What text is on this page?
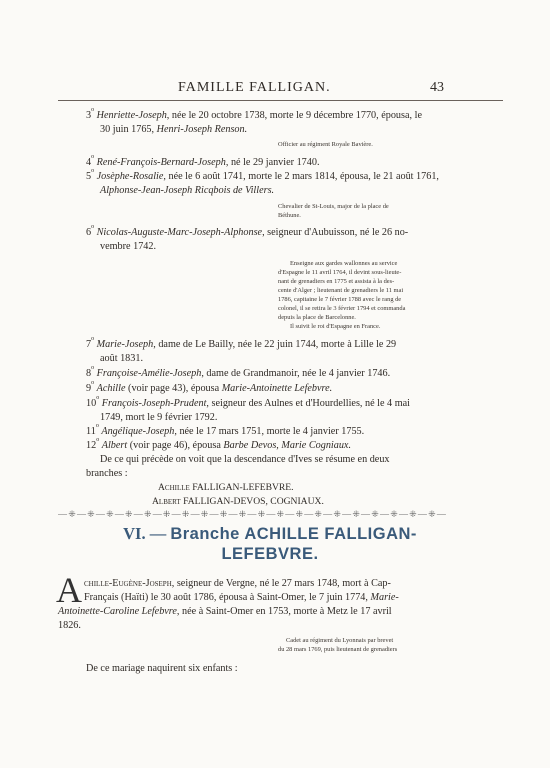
FAMILLE FALLIGAN.	43
3$^o$ Henriette-Joseph, née le 20 octobre 1738, morte le 9 décembre 1770, épousa, le
30 juin 1765, Henri-Joseph Renson.
Officier au régiment Royale Bavière.
4$^o$ René-François-Bernard-Joseph, né le 29 janvier 1740.
5$^o$ Josèphe-Rosalie, née le 6 août 1741, morte le 2 mars 1814, épousa, le 21 août 1761,
Alphonse-Jean-Joseph Ricqbois de Villers.
Chevalier de St-Louis, major de la place de
Béthune.
6$^o$ Nicolas-Auguste-Marc-Joseph-Alphonse, seigneur d'Aubuisson, né le 26 no-
vembre 1742.
Enseigne aux gardes wallonnes au service
d'Espagne le 11 avril 1764, il devint sous-lieute-
nant de grenadiers en 1775 et assista à la des-
cente d'Alger ; lieutenant de grenadiers le 11 mai
1786, capitaine le 7 février 1788 avec le rang de
colonel, il se retira le 3 février 1794 et commanda
depuis la place de Barcelonne.
Il suivit le roi d'Espagne en France.
7$^o$ Marie-Joseph, dame de Le Bailly, née le 22 juin 1744, morte à Lille le 29
août 1831.
8$^o$ Françoise-Amélie-Joseph, dame de Grandmanoir, née le 4 janvier 1746.
9$^o$ Achille (voir page 43), épousa Marie-Antoinette Lefebvre.
10$^o$ François-Joseph-Prudent, seigneur des Aulnes et d'Hourdellies, né le 4 mai
1749, mort le 9 février 1792.
11$^o$ Angélique-Joseph, née le 17 mars 1751, morte le 4 janvier 1755.
12$^o$ Albert (voir page 46), épousa Barbe Devos, Marie Cogniaux.
De ce qui précède on voit que la descendance d'Ives se résume en deux
branches :
Achille FALLIGAN-LEFEBVRE.
Albert FALLIGAN-DEVOS, COGNIAUX.
—⁜—⁜—⁜—⁜—⁜—⁜—⁜—⁜—⁜—⁜—⁜—⁜—⁜—⁜—⁜—⁜—⁜—⁜—⁜—⁜—
VI. — Branche ACHILLE FALLIGAN-
LEFEBVRE.
A chille-Eugène-Joseph, seigneur de Vergne, né le 27 mars 1748, mort à Cap-
Français (Haïti) le 30 août 1786, épousa à Saint-Omer, le 7 juin 1774, Marie-
Antoinette-Caroline Lefebvre, née à Saint-Omer en 1753, morte à Metz le 17 avril
1826.
Cadet au régiment du Lyonnais par brevet
du 28 mars 1769, puis lieutenant de grenadiers
De ce mariage naquirent six enfants :
